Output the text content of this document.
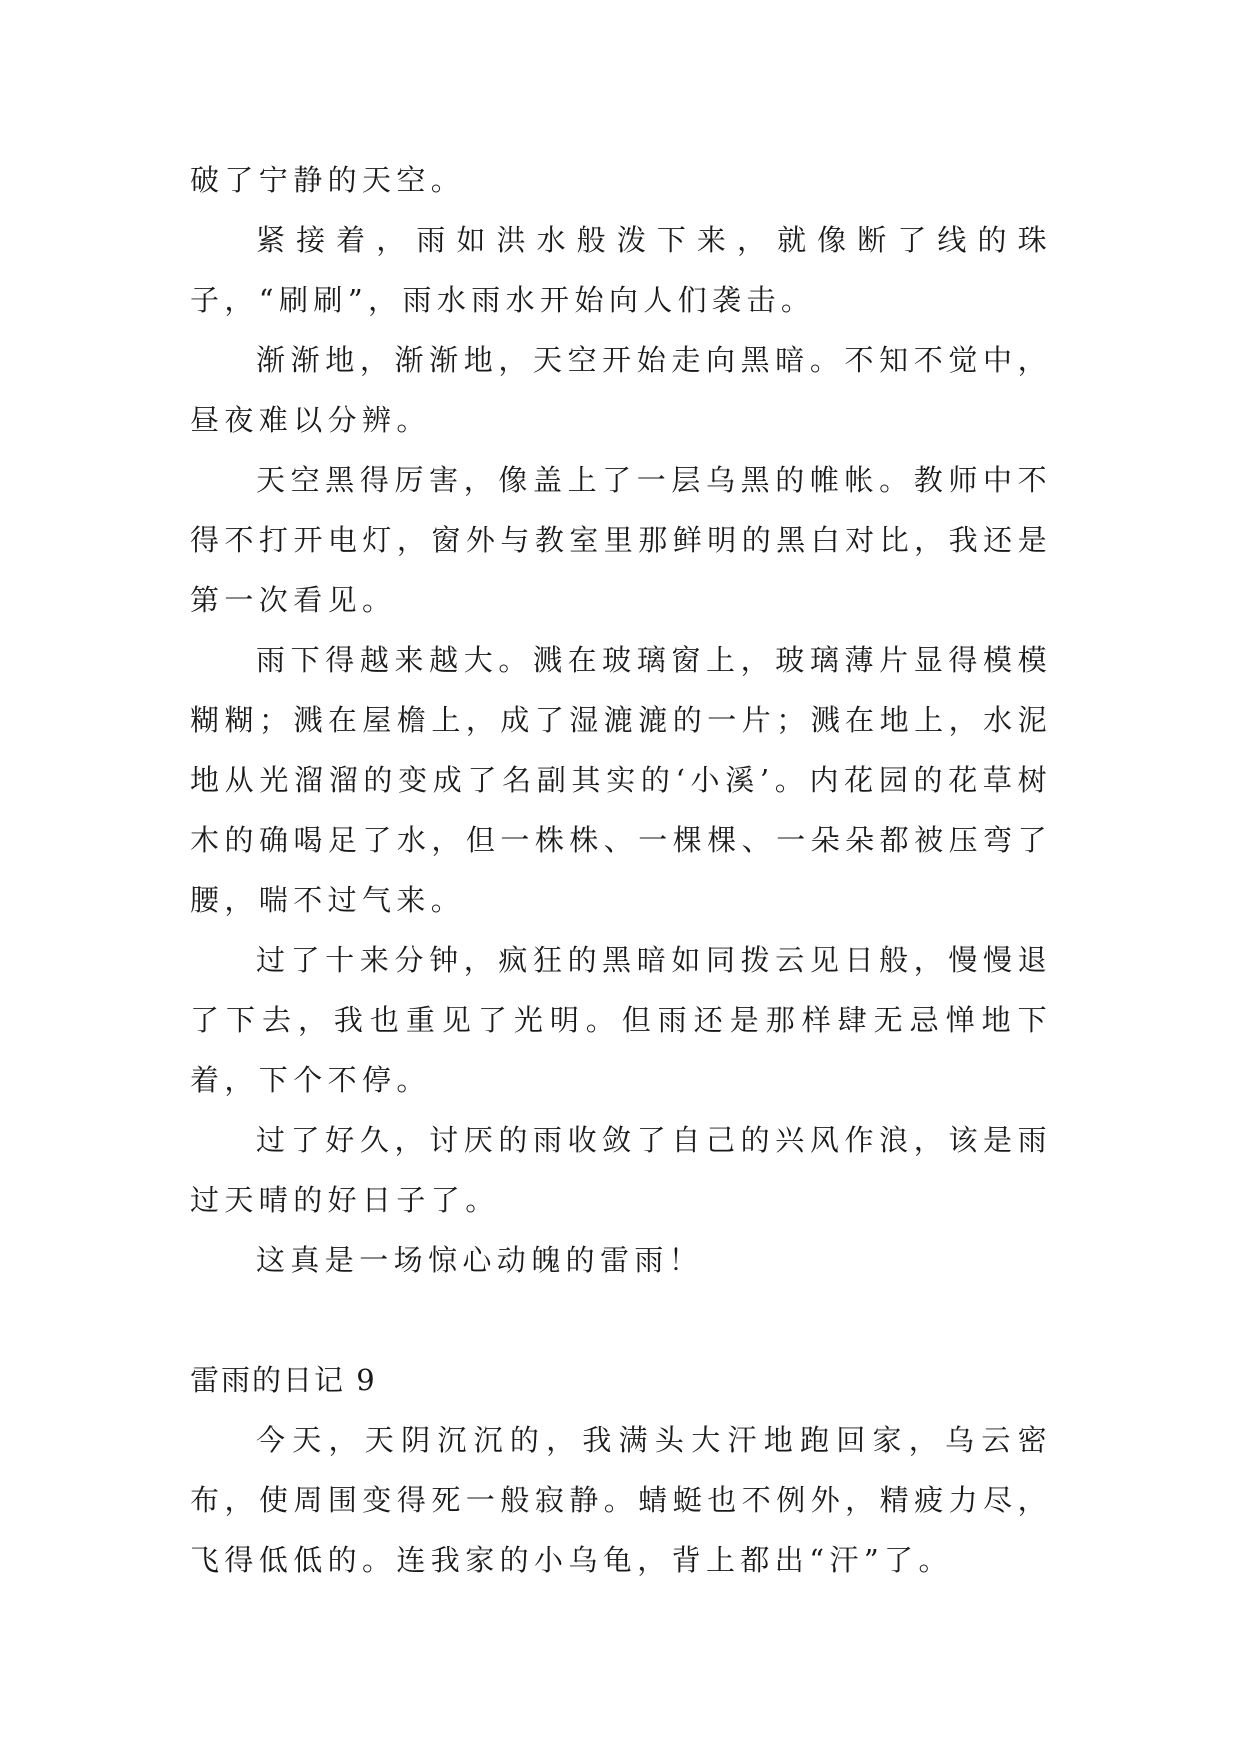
破了宁静的天空。

紧接着，雨如洪水般泼下来，就像断了线的珠子，“刷刷”，雨水雨水开始向人们袭击。

渐渐地，渐渐地，天空开始走向黑暗。不知不觉中，昼夜难以分辨。

天空黑得厉害，像盖上了一层乌黑的帷帐。教师中不得不打开电灯，窗外与教室里那鲜明的黑白对比，我还是第一次看见。

雨下得越来越大。溅在玻璃窗上，玻璃薄片显得模模糊糊；溅在屋檐上，成了湿漉漉的一片；溅在地上，水泥地从光溜溜的变成了名副其实的‘小溪’。内花园的花草树木的确喝足了水，但一株株、一棵棵、一朵朵都被压弯了腰，喘不过气来。

过了十来分钟，疯狂的黑暗如同拨云见日般，慢慢退了下去，我也重见了光明。但雨还是那样肆无忌惮地下着，下个不停。

过了好久，讨厌的雨收敛了自己的兴风作浪，该是雨过天晴的好日子了。

这真是一场惊心动魄的雷雨！

雷雨的日记 9

今天，天阴沉沉的，我满头大汗地跑回家，乌云密布，使周围变得死一般寂静。蜻蜓也不例外，精疲力尽，飞得低低的。连我家的小乌龟，背上都出“汗”了。
